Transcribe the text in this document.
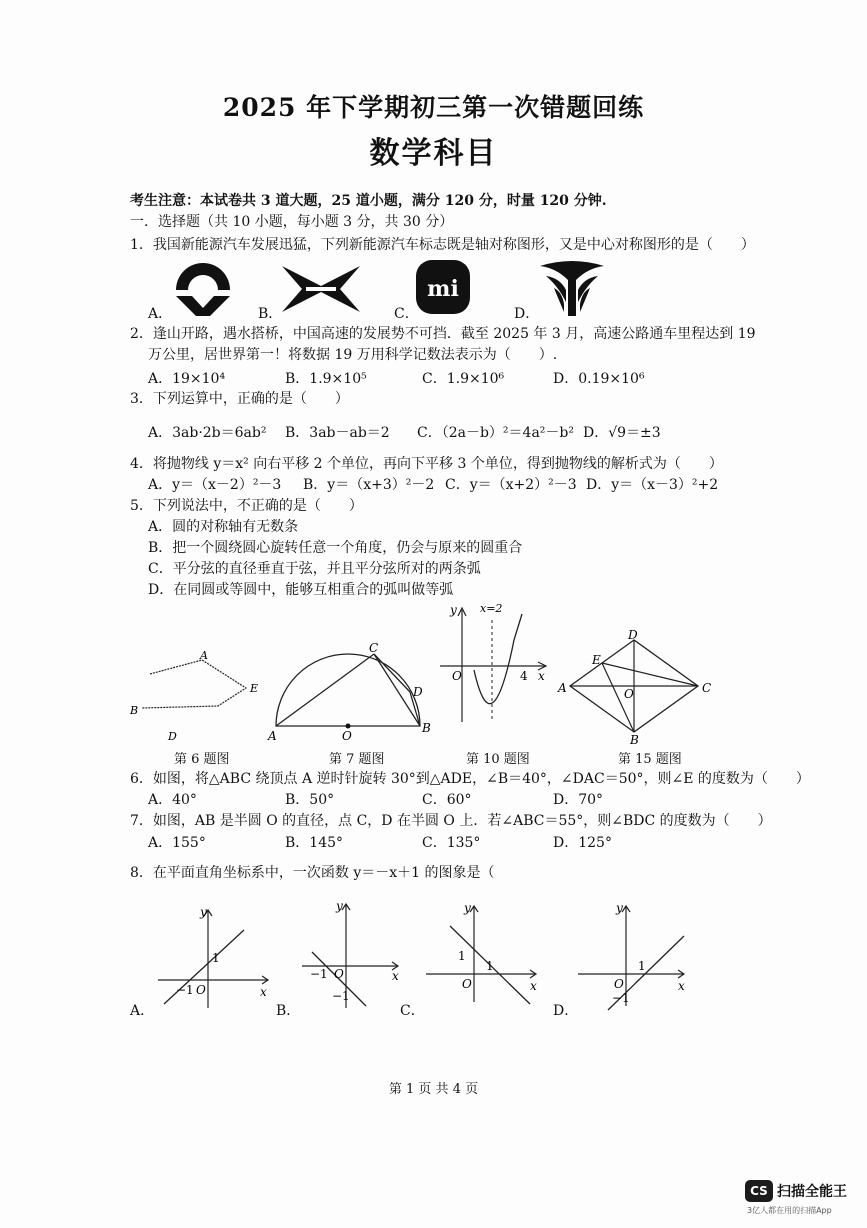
2025 年下学期初三第一次错题回练
数学科目
考生注意：本试卷共 3 道大题，25 道小题，满分 120 分，时量 120 分钟.
一．选择题（共 10 小题，每小题 3 分，共 30 分）
1．我国新能源汽车发展迅猛，下列新能源汽车标志既是轴对称图形，又是中心对称图形的是（　　）
A．	B．	C．
mi
D．
2．逢山开路，遇水搭桥，中国高速的发展势不可挡．截至 2025 年 3 月，高速公路通车里程达到 19
万公里，居世界第一！将数据 19 万用科学记数法表示为（　　）.
A．19×10⁴	B．1.9×10⁵	C．1.9×10⁶	D．0.19×10⁶
3．下列运算中，正确的是（　　）
A．3ab·2b＝6ab² B．3ab－ab＝2 C．（2a－b）²＝4a²－b² D．√9＝±3
4．将抛物线 y＝x² 向右平移 2 个单位，再向下平移 3 个单位，得到抛物线的解析式为（　　）
A．y＝（x－2）²－3 B．y＝（x+3）²－2 C．y＝（x+2）²－3 D．y＝（x－3）²+2
5．下列说法中，不正确的是（　　）
A．圆的对称轴有无数条
B．把一个圆绕圆心旋转任意一个角度，仍会与原来的圆重合
C．平分弦的直径垂直于弦，并且平分弦所对的两条弧
D．在同圆或等圆中，能够互相重合的弧叫做等弧
A
E
B
D
C
D
A	O
B
y x=2
O	4 x
D
E
A	O	C
B
第 6 题图	第 7 题图	第 10 题图	第 15 题图
6．如图，将△ABC 绕顶点 A 逆时针旋转 30°到△ADE，∠B＝40°，∠DAC＝50°，则∠E 的度数为（　　）
A．40°	B．50°	C．60°	D．70°
7．如图，AB 是半圆 O 的直径，点 C，D 在半圆 O 上．若∠ABC＝55°，则∠BDC 的度数为（　　）
A．155°	B．145°	C．135°	D．125°
8．在平面直角坐标系中，一次函数 y＝－x＋1 的图象是（
A．
y
1
−1 O	x
B．
y
−1 O	x
−1
C．
y
1
1
O	x
D．
y
1
O	x
−1
第 1 页 共 4 页
CS 扫描全能王
3亿人都在用的扫描App
